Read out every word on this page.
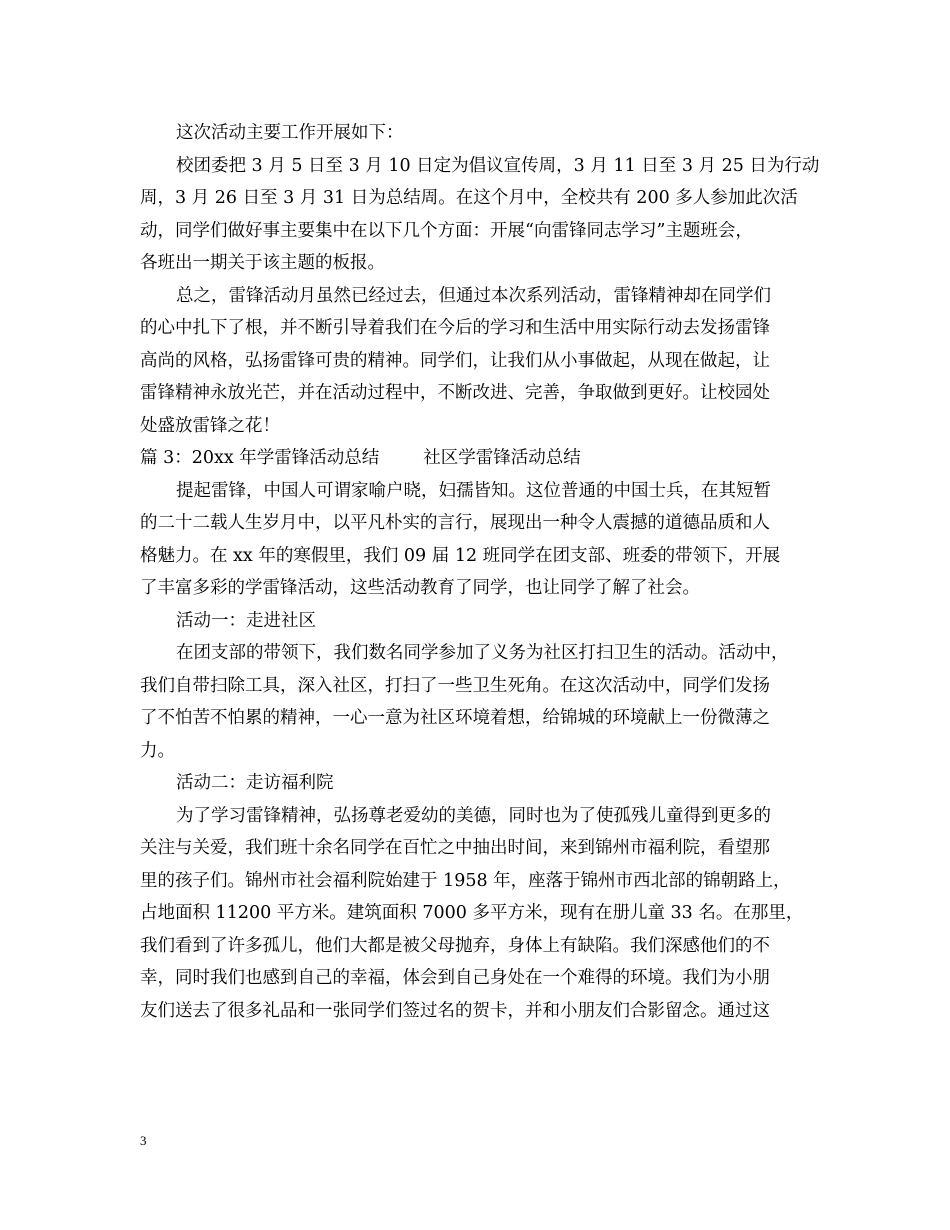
这次活动主要工作开展如下：
校团委把 3 月 5 日至 3 月 10 日定为倡议宣传周，3 月 11 日至 3 月 25 日为行动
周，3 月 26 日至 3 月 31 日为总结周。在这个月中，全校共有 200 多人参加此次活
动，同学们做好事主要集中在以下几个方面：开展“向雷锋同志学习”主题班会，
各班出一期关于该主题的板报。
总之，雷锋活动月虽然已经过去，但通过本次系列活动，雷锋精神却在同学们
的心中扎下了根，并不断引导着我们在今后的学习和生活中用实际行动去发扬雷锋
高尚的风格，弘扬雷锋可贵的精神。同学们，让我们从小事做起，从现在做起，让
雷锋精神永放光芒，并在活动过程中，不断改进、完善，争取做到更好。让校园处
处盛放雷锋之花！
篇 3：20xx 年学雷锋活动总结	社区学雷锋活动总结
提起雷锋，中国人可谓家喻户晓，妇孺皆知。这位普通的中国士兵，在其短暂
的二十二载人生岁月中，以平凡朴实的言行，展现出一种令人震撼的道德品质和人
格魅力。在 xx 年的寒假里，我们 09 届 12 班同学在团支部、班委的带领下，开展
了丰富多彩的学雷锋活动，这些活动教育了同学，也让同学了解了社会。
活动一：走进社区
在团支部的带领下，我们数名同学参加了义务为社区打扫卫生的活动。活动中，
我们自带扫除工具，深入社区，打扫了一些卫生死角。在这次活动中，同学们发扬
了不怕苦不怕累的精神，一心一意为社区环境着想，给锦城的环境献上一份微薄之
力。
活动二：走访福利院
为了学习雷锋精神，弘扬尊老爱幼的美德，同时也为了使孤残儿童得到更多的
关注与关爱，我们班十余名同学在百忙之中抽出时间，来到锦州市福利院，看望那
里的孩子们。锦州市社会福利院始建于 1958 年，座落于锦州市西北部的锦朝路上，
占地面积 11200 平方米。建筑面积 7000 多平方米，现有在册儿童 33 名。在那里，
我们看到了许多孤儿，他们大都是被父母抛弃，身体上有缺陷。我们深感他们的不
幸，同时我们也感到自己的幸福，体会到自己身处在一个难得的环境。我们为小朋
友们送去了很多礼品和一张同学们签过名的贺卡，并和小朋友们合影留念。通过这
3
